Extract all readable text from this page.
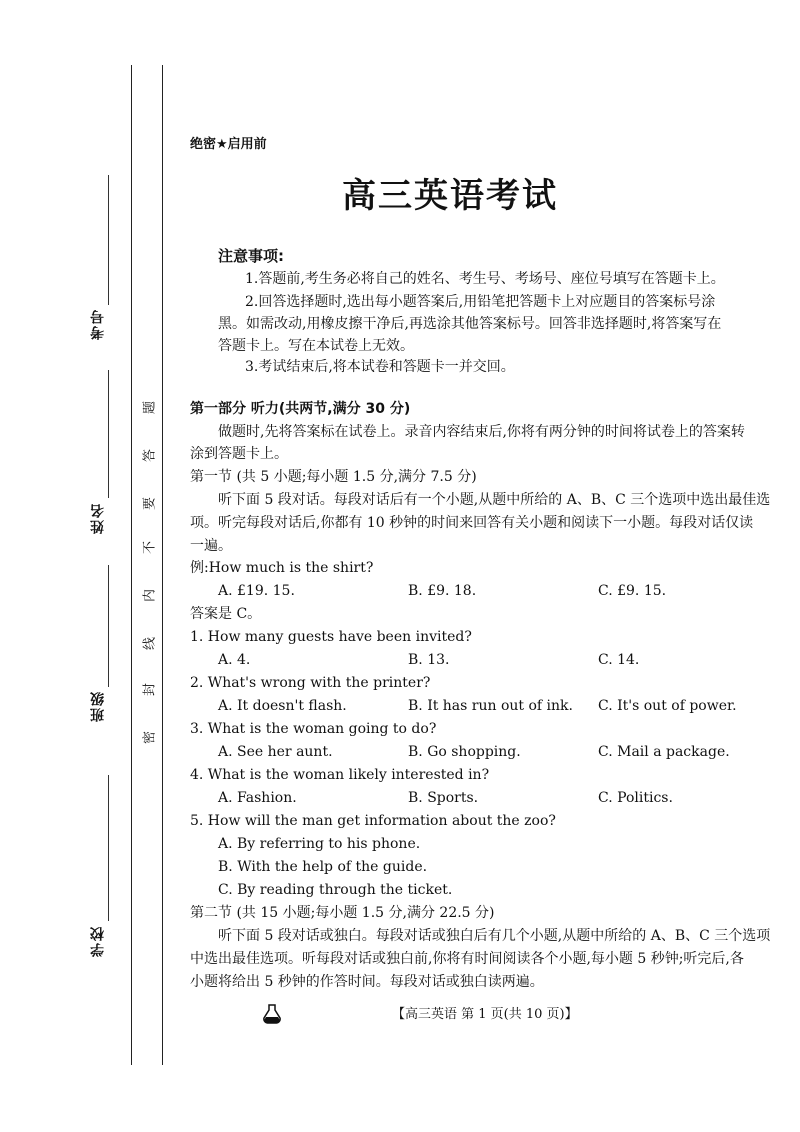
考号
姓名
班级
学校
题
答
要
不
内
线
封
密
绝密★启用前
高三英语考试
注意事项:
1.答题前,考生务必将自己的姓名、考生号、考场号、座位号填写在答题卡上。
2.回答选择题时,选出每小题答案后,用铅笔把答题卡上对应题目的答案标号涂
黑。如需改动,用橡皮擦干净后,再选涂其他答案标号。回答非选择题时,将答案写在
答题卡上。写在本试卷上无效。
3.考试结束后,将本试卷和答题卡一并交回。
第一部分 听力(共两节,满分 30 分)
做题时,先将答案标在试卷上。录音内容结束后,你将有两分钟的时间将试卷上的答案转
涂到答题卡上。
第一节 (共 5 小题;每小题 1.5 分,满分 7.5 分)
听下面 5 段对话。每段对话后有一个小题,从题中所给的 A、B、C 三个选项中选出最佳选
项。听完每段对话后,你都有 10 秒钟的时间来回答有关小题和阅读下一小题。每段对话仅读
一遍。
例:How much is the shirt?
A. £19. 15.	B. £9. 18.	C. £9. 15.
答案是 C。
1. How many guests have been invited?
A. 4.	B. 13.	C. 14.
2. What's wrong with the printer?
A. It doesn't flash.	B. It has run out of ink. C. It's out of power.
3. What is the woman going to do?
A. See her aunt.	B. Go shopping.	C. Mail a package.
4. What is the woman likely interested in?
A. Fashion.	B. Sports.	C. Politics.
5. How will the man get information about the zoo?
A. By referring to his phone.
B. With the help of the guide.
C. By reading through the ticket.
第二节 (共 15 小题;每小题 1.5 分,满分 22.5 分)
听下面 5 段对话或独白。每段对话或独白后有几个小题,从题中所给的 A、B、C 三个选项
中选出最佳选项。听每段对话或独白前,你将有时间阅读各个小题,每小题 5 秒钟;听完后,各
小题将给出 5 秒钟的作答时间。每段对话或独白读两遍。
【高三英语 第 1 页(共 10 页)】
